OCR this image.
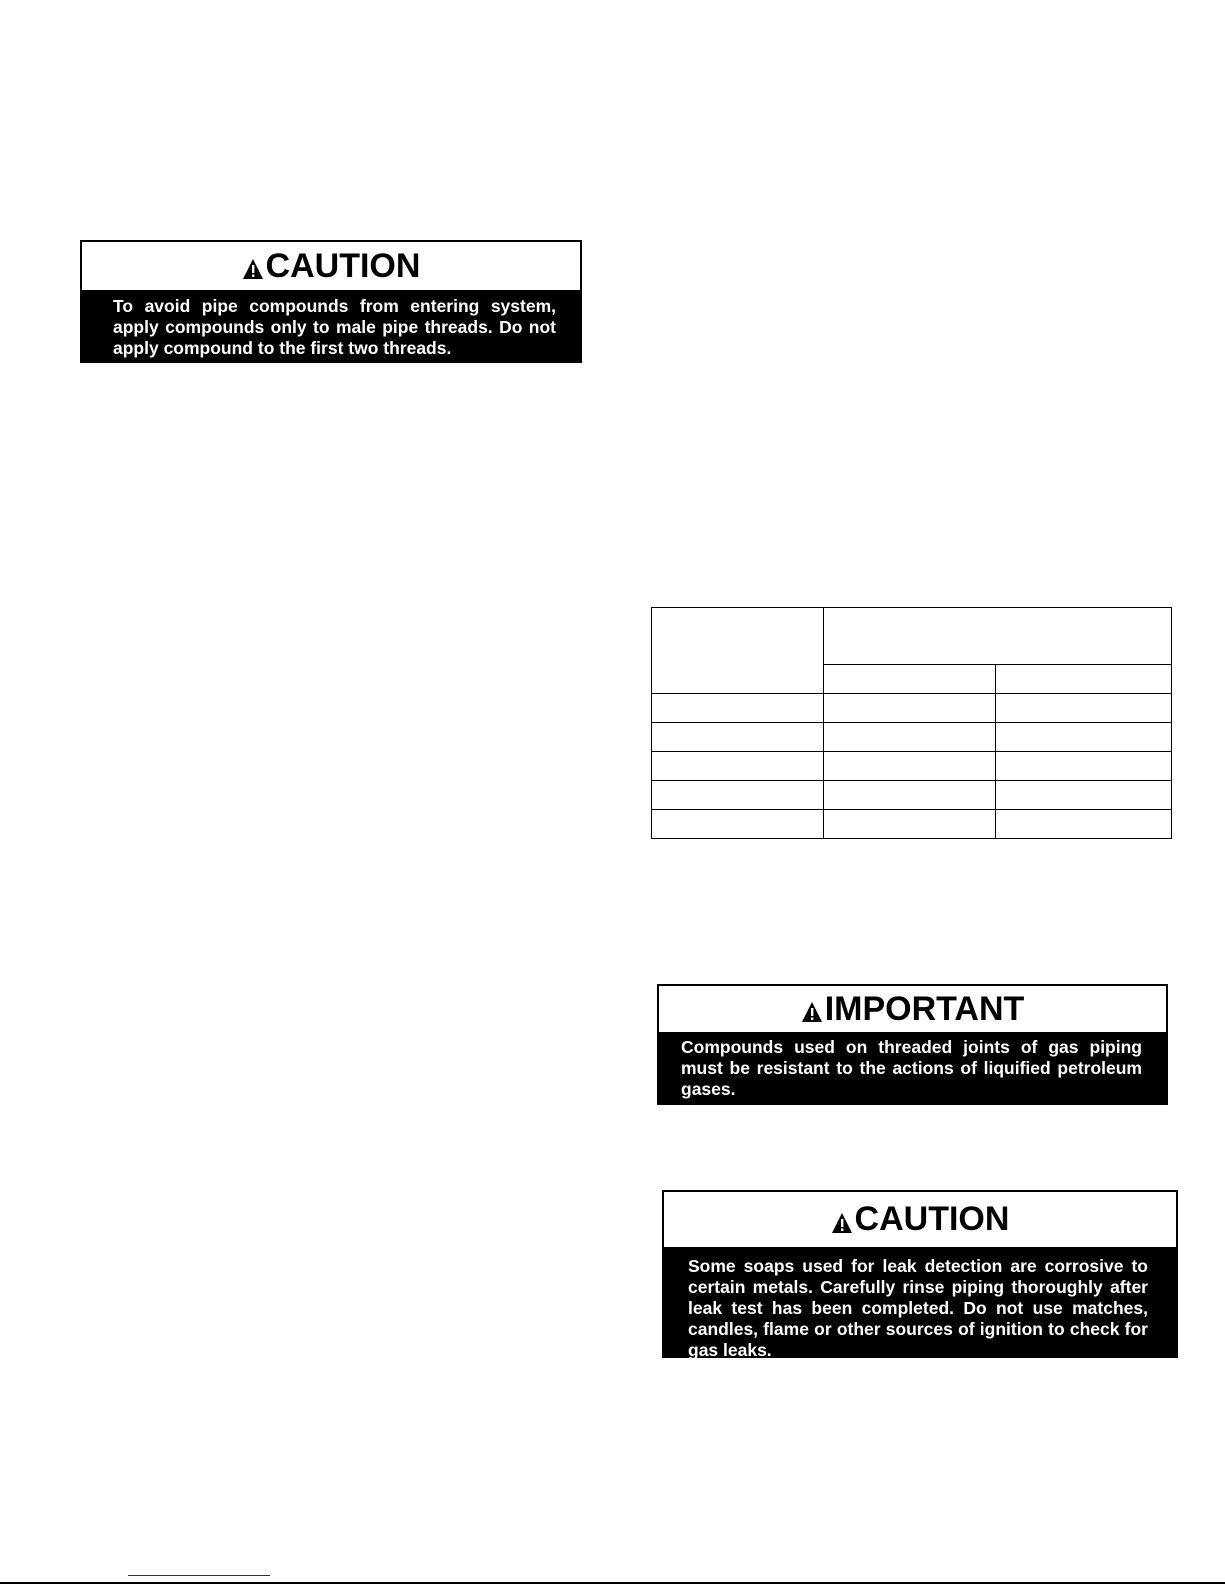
CAUTION
To avoid pipe compounds from entering system, apply compounds only to male pipe threads. Do not apply compound to the first two threads.

IMPORTANT
Compounds used on threaded joints of gas piping must be resistant to the actions of liquified petroleum gases.
CAUTION
Some soaps used for leak detection are corrosive to certain metals. Carefully rinse piping thoroughly after leak test has been completed. Do not use matches, candles, flame or other sources of ignition to check for gas leaks.
